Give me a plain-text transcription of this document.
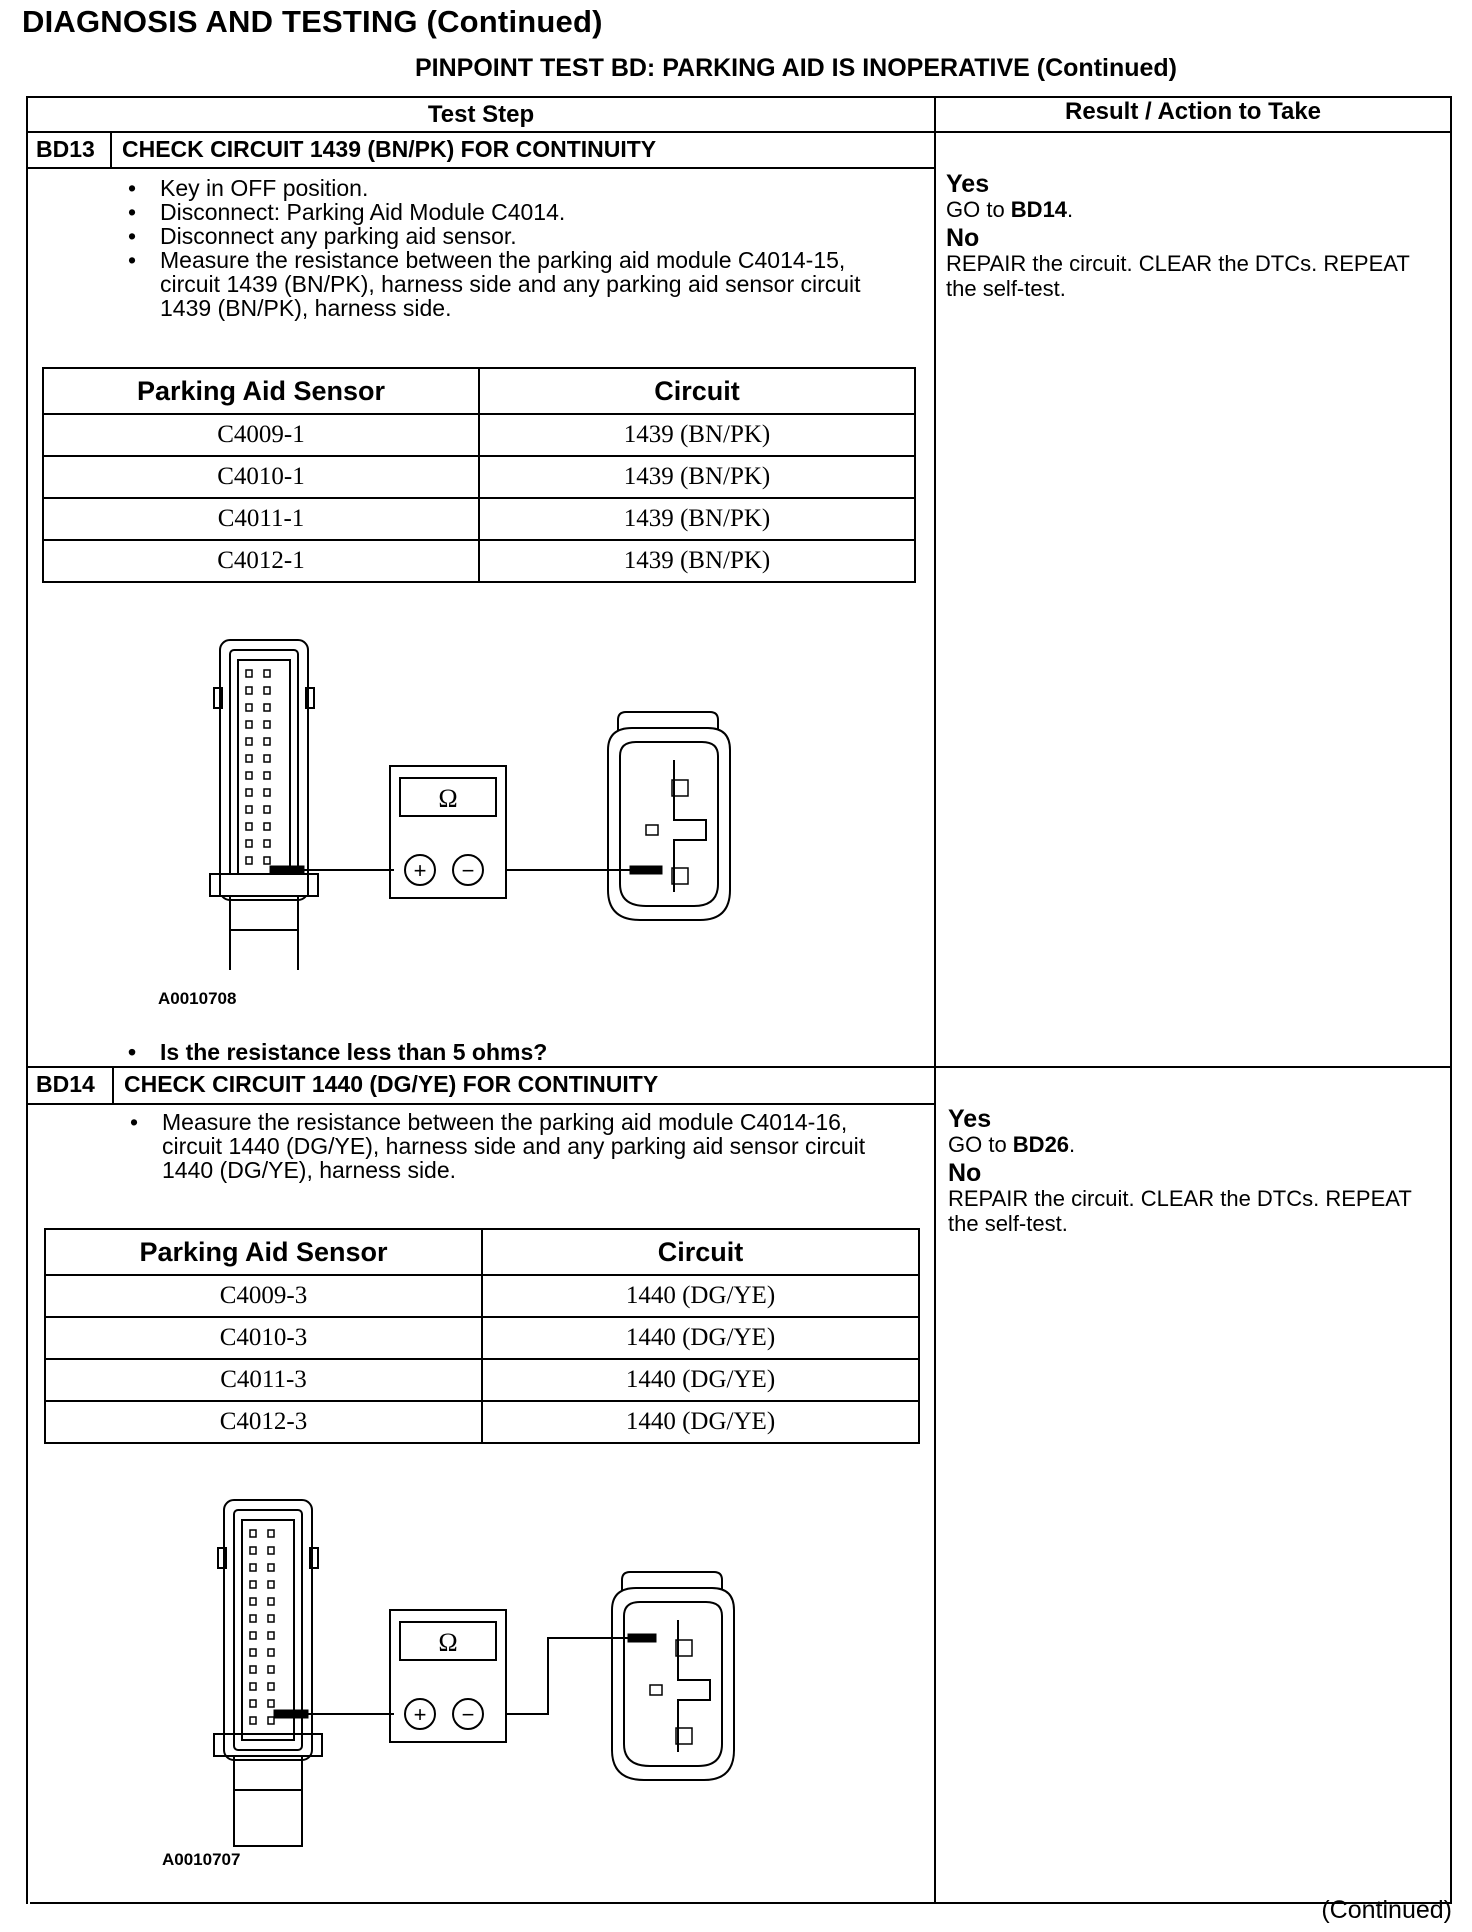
DIAGNOSIS AND TESTING (Continued)
PINPOINT TEST BD: PARKING AID IS INOPERATIVE (Continued)
Test Step	Result / Action to Take
BD13 CHECK CIRCUIT 1439 (BN/PK) FOR CONTINUITY
• Key in OFF position.
• Disconnect: Parking Aid Module C4014.
• Disconnect any parking aid sensor.
• Measure the resistance between the parking aid module C4014-15, circuit 1439 (BN/PK), harness side and any parking aid sensor circuit 1439 (BN/PK), harness side.
Parking Aid Sensor	Circuit
C4009-1	1439 (BN/PK)
C4010-1	1439 (BN/PK)
C4011-1	1439 (BN/PK)
C4012-1	1439 (BN/PK)
Ω
+ −
A0010708
• Is the resistance less than 5 ohms?
Yes
GO to BD14.
No
REPAIR the circuit. CLEAR the DTCs. REPEAT the self-test.
BD14 CHECK CIRCUIT 1440 (DG/YE) FOR CONTINUITY
• Measure the resistance between the parking aid module C4014-16, circuit 1440 (DG/YE), harness side and any parking aid sensor circuit 1440 (DG/YE), harness side.
Parking Aid Sensor	Circuit
C4009-3	1440 (DG/YE)
C4010-3	1440 (DG/YE)
C4011-3	1440 (DG/YE)
C4012-3	1440 (DG/YE)
Ω
+ −
A0010707
Yes
GO to BD26.
No
REPAIR the circuit. CLEAR the DTCs. REPEAT the self-test.
(Continued)
